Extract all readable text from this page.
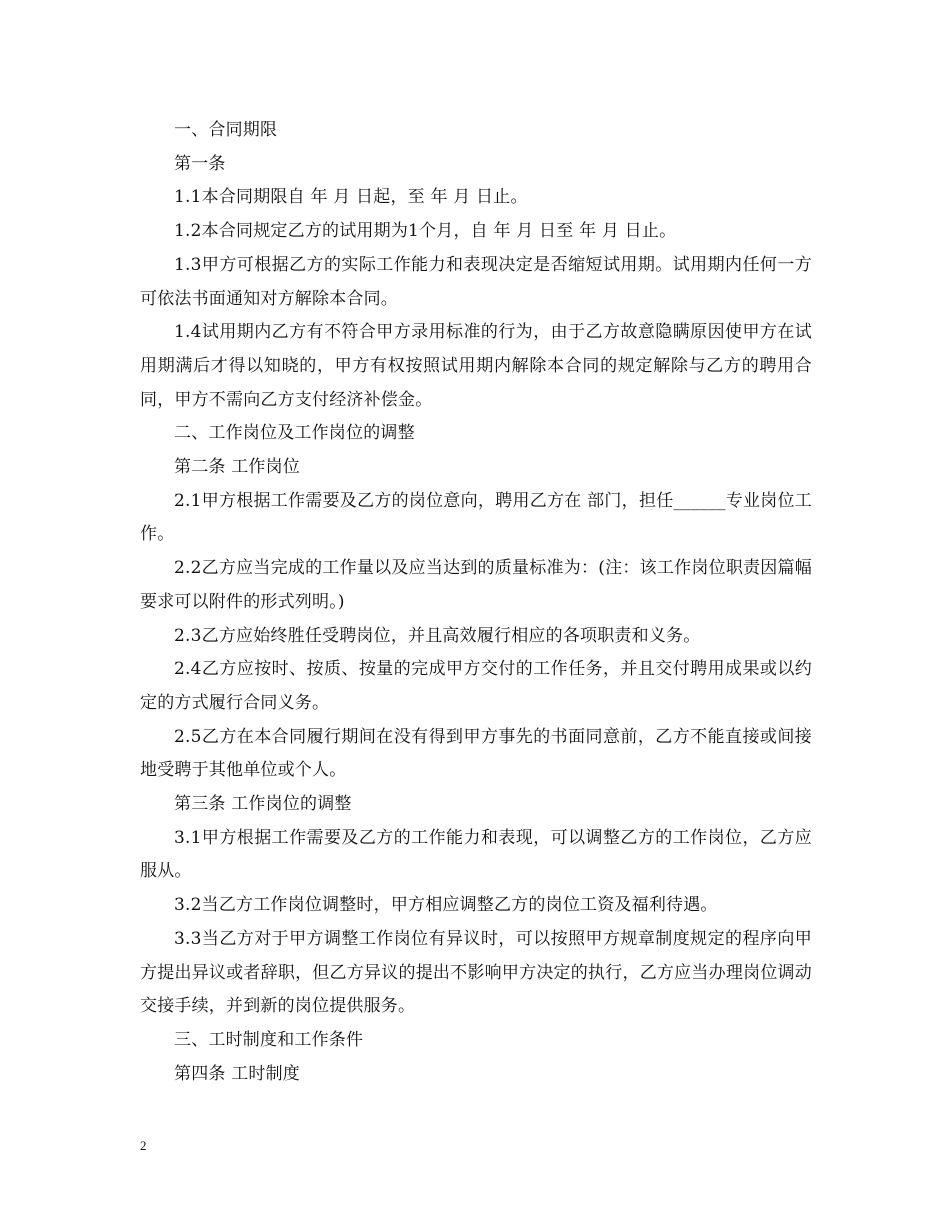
一、合同期限

第一条

1.1本合同期限自 年 月 日起，至 年 月 日止。

1.2本合同规定乙方的试用期为1个月，自 年 月 日至 年 月 日止。

1.3甲方可根据乙方的实际工作能力和表现决定是否缩短试用期。试用期内任何一方可依法书面通知对方解除本合同。

1.4试用期内乙方有不符合甲方录用标准的行为，由于乙方故意隐瞒原因使甲方在试用期满后才得以知晓的，甲方有权按照试用期内解除本合同的规定解除与乙方的聘用合同，甲方不需向乙方支付经济补偿金。

二、工作岗位及工作岗位的调整

第二条 工作岗位

2.1甲方根据工作需要及乙方的岗位意向，聘用乙方在 部门，担任______专业岗位工作。

2.2乙方应当完成的工作量以及应当达到的质量标准为：(注：该工作岗位职责因篇幅要求可以附件的形式列明。)

2.3乙方应始终胜任受聘岗位，并且高效履行相应的各项职责和义务。

2.4乙方应按时、按质、按量的完成甲方交付的工作任务，并且交付聘用成果或以约定的方式履行合同义务。

2.5乙方在本合同履行期间在没有得到甲方事先的书面同意前，乙方不能直接或间接地受聘于其他单位或个人。

第三条 工作岗位的调整

3.1甲方根据工作需要及乙方的工作能力和表现，可以调整乙方的工作岗位，乙方应服从。

3.2当乙方工作岗位调整时，甲方相应调整乙方的岗位工资及福利待遇。

3.3当乙方对于甲方调整工作岗位有异议时，可以按照甲方规章制度规定的程序向甲方提出异议或者辞职，但乙方异议的提出不影响甲方决定的执行，乙方应当办理岗位调动交接手续，并到新的岗位提供服务。

三、工时制度和工作条件

第四条 工时制度

2
